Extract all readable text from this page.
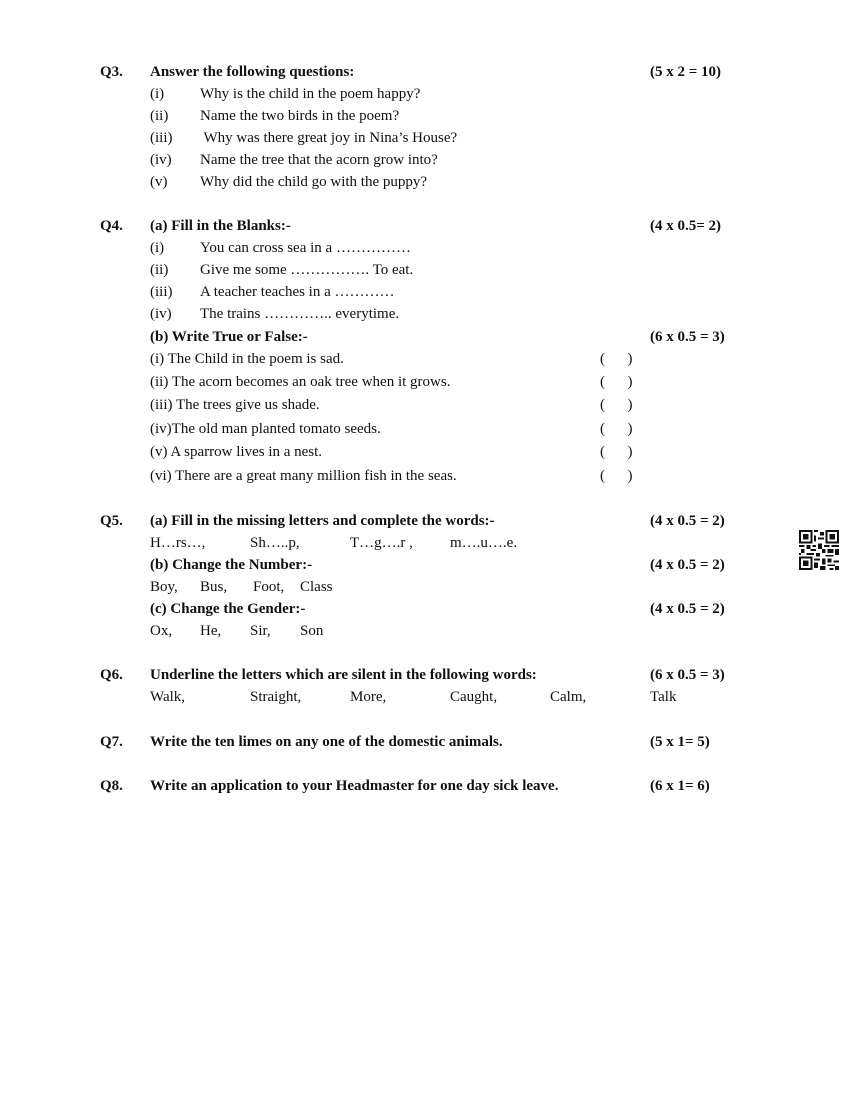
Q3. Answer the following questions:	(5 x 2 = 10)
(i) Why is the child in the poem happy?
(ii) Name the two birds in the poem?
(iii) Why was there great joy in Nina’s House?
(iv) Name the tree that the acorn grow into?
(v) Why did the child go with the puppy?
Q4. (a) Fill in the Blanks:-	(4 x 0.5= 2)
(i) You can cross sea in a ……………
(ii) Give me some ……………. To eat.
(iii) A teacher teaches in a …………
(iv) The trains ………….. everytime.
(b) Write True or False:-	(6 x 0.5 = 3)
(i) The Child in the poem is sad.	(      )
(ii) The acorn becomes an oak tree when it grows.	(      )
(iii) The trees give us shade.	(      )
(iv)The old man planted tomato seeds.	(      )
(v) A sparrow lives in a nest.	(      )
(vi) There are a great many million fish in the seas.	(      )
Q5. (a) Fill in the missing letters and complete the words:-	(4 x 0.5 = 2)
H…rs…,	Sh…..p,	T…g….r , m….u….e.
(b) Change the Number:-	(4 x 0.5 = 2)
Boy, Bus, Foot, Class
(c) Change the Gender:-	(4 x 0.5 = 2)
Ox, He, Sir, Son
Q6. Underline the letters which are silent in the following words:	(6 x 0.5 = 3)
Walk,	Straight,	More,	Caught,	Calm,	Talk
Q7. Write the ten limes on any one of the domestic animals.	(5 x 1= 5)
Q8. Write an application to your Headmaster for one day sick leave.	(6 x 1= 6)
